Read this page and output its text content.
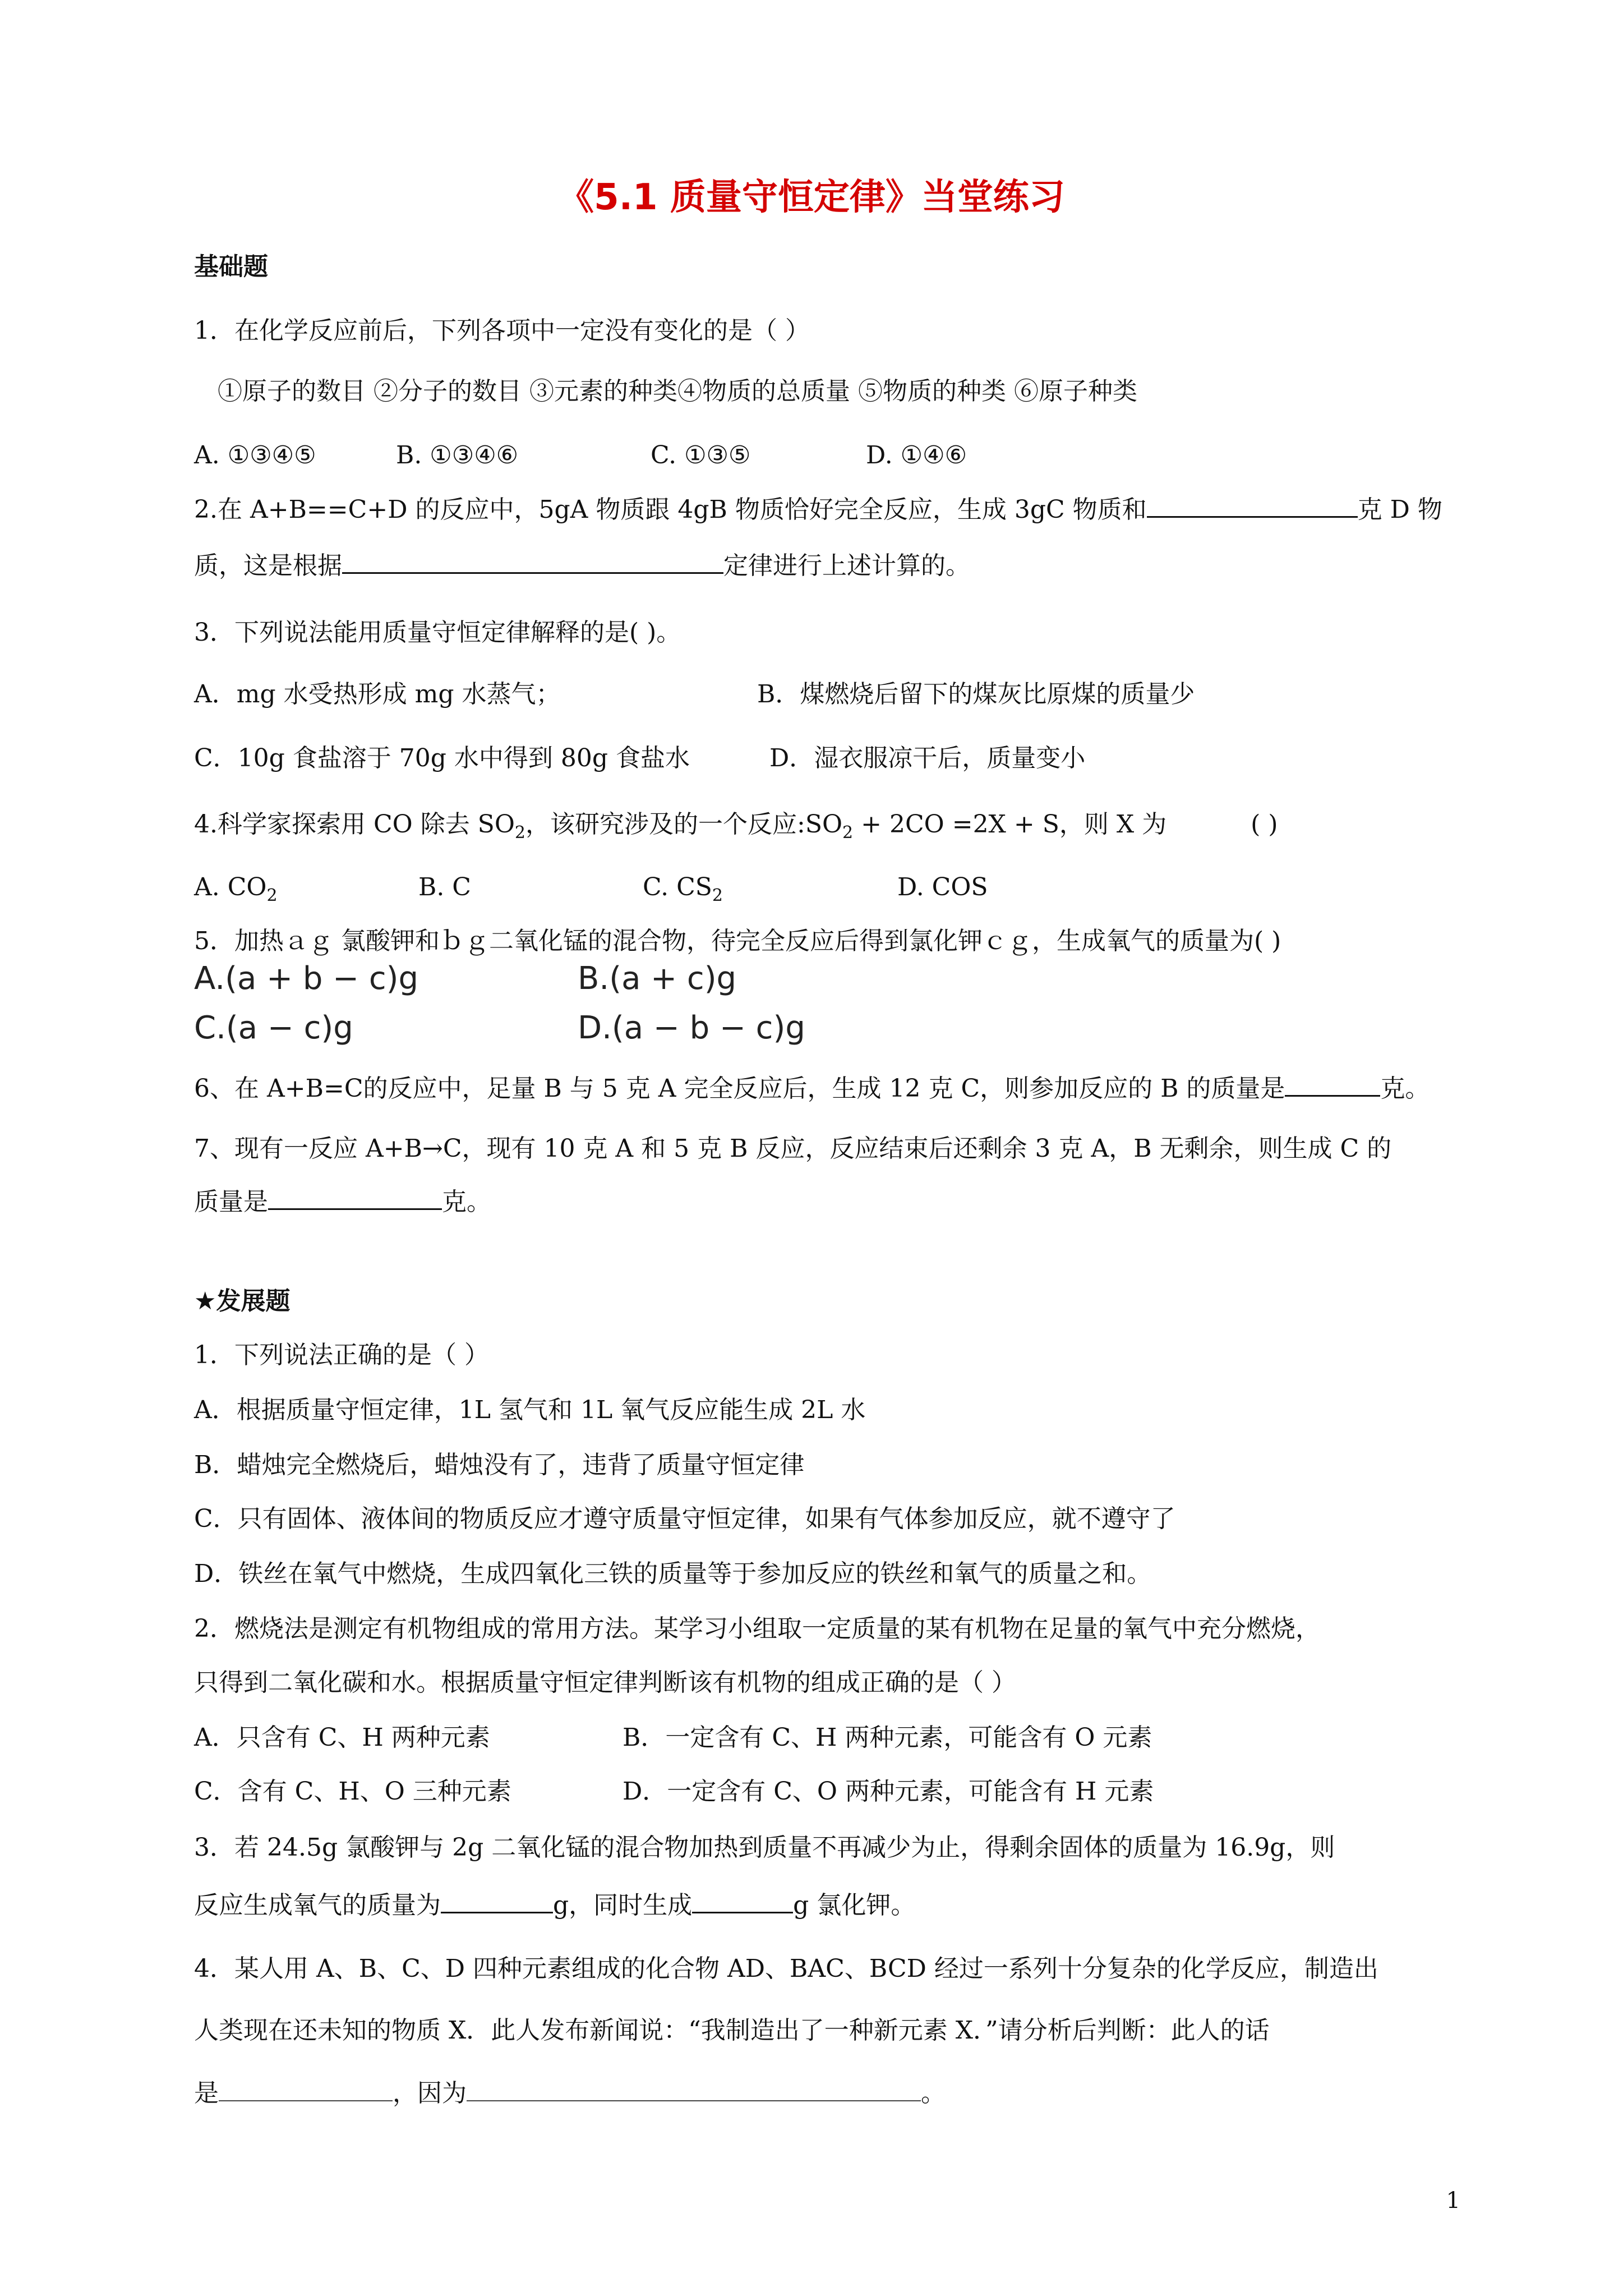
《5.1 质量守恒定律》当堂练习
基础题
1．在化学反应前后，下列各项中一定没有变化的是（ ）
①原子的数目 ②分子的数目 ③元素的种类④物质的总质量 ⑤物质的种类 ⑥原子种类
A. ①③④⑤	B. ①③④⑥	C. ①③⑤	D. ①④⑥
2.在 A+B==C+D 的反应中，5gA 物质跟 4gB 物质恰好完全反应，生成 3gC 物质和	克 D 物
质，这是根据	定律进行上述计算的。
3．下列说法能用质量守恒定律解释的是( )。
A．mg 水受热形成 mg 水蒸气；	B．煤燃烧后留下的煤灰比原煤的质量少
C．10g 食盐溶于 70g 水中得到 80g 食盐水	D．湿衣服凉干后，质量变小
4.科学家探索用 CO 除去 $SO_2$，该研究涉及的一个反应$:SO_2 + 2CO =2X + S$，则 X 为	( )
A. $CO_2$	B. C	C. $CS_2$	D. COS
5．加热ａｇ 氯酸钾和ｂｇ二氧化锰的混合物，待完全反应后得到氯化钾ｃｇ，生成氧气的质量为( )
A.(a + b − c)g	B.(a + c)g
C.(a − c)g	D.(a − b − c)g
6、在 A+B=C的反应中，足量 B 与 5 克 A 完全反应后，生成 12 克 C，则参加反应的 B 的质量是	克。
7、现有一反应 A+B→C，现有 10 克 A 和 5 克 B 反应，反应结束后还剩余 3 克 A，B 无剩余，则生成 C 的
质量是	克。
★发展题
1．下列说法正确的是（ ）
A．根据质量守恒定律，1L 氢气和 1L 氧气反应能生成 2L 水
B．蜡烛完全燃烧后，蜡烛没有了，违背了质量守恒定律
C．只有固体、液体间的物质反应才遵守质量守恒定律，如果有气体参加反应，就不遵守了
D．铁丝在氧气中燃烧，生成四氧化三铁的质量等于参加反应的铁丝和氧气的质量之和。
2．燃烧法是测定有机物组成的常用方法。某学习小组取一定质量的某有机物在足量的氧气中充分燃烧，
只得到二氧化碳和水。根据质量守恒定律判断该有机物的组成正确的是（ ）
A．只含有 C、H 两种元素	B．一定含有 C、H 两种元素，可能含有 O 元素
C．含有 C、H、O 三种元素	D．一定含有 C、O 两种元素，可能含有 H 元素
3．若 24.5g 氯酸钾与 2g 二氧化锰的混合物加热到质量不再减少为止，得剩余固体的质量为 16.9g，则
反应生成氧气的质量为	g，同时生成	g 氯化钾。
4．某人用 A、B、C、D 四种元素组成的化合物 AD、BAC、BCD 经过一系列十分复杂的化学反应，制造出
人类现在还未知的物质 X．此人发布新闻说：“我制造出了一种新元素 X．”请分析后判断：此人的话
是	，因为	。
1
